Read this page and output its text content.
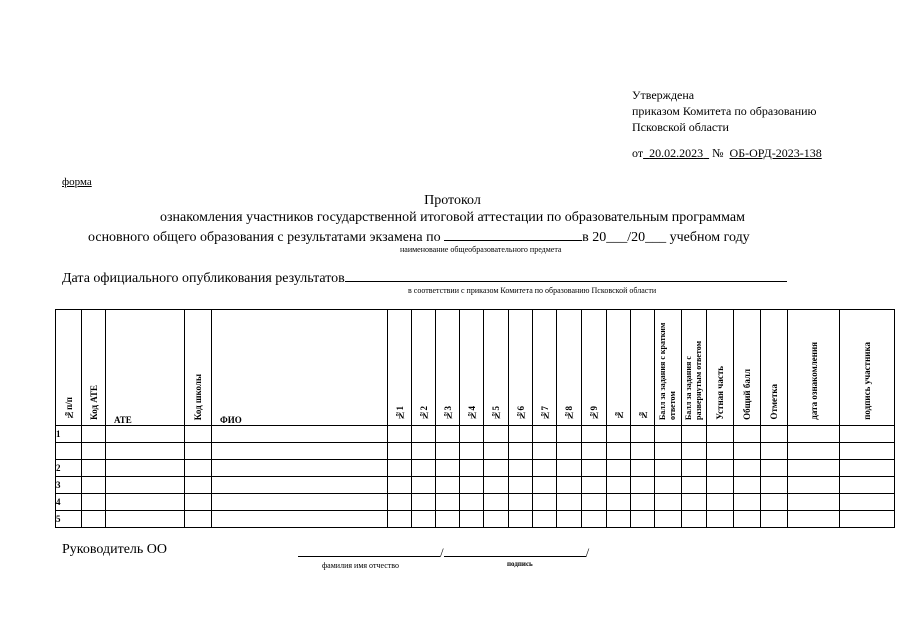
Утверждена
приказом Комитета по образованию
Псковской области
от 20.02.2023 № ОБ-ОРД-2023-138
форма
Протокол
ознакомления участников государственной итоговой аттестации по образовательным программам
основного общего образования с результатами экзамена по	в 20___/20___ учебном году
наименование общеобразовательного предмета
Дата официального опубликования результатов
в соответствии с приказом Комитета по образованию Псковской области
№п/п	Код АТЕ	АТЕ	Код школы	ФИО	№1	№2	№3	№4	№5	№6	№7	№8	№9	№	№	Балл за задания с кратким ответом	Балл за задания с развернутым ответом	Устная часть	Общий балл	Отметка	дата ознакомления	подпись участника
1																						

2																						
3																						
4																						
5																						
Руководитель ОО	/	/
фамилия имя отчество	подпись
